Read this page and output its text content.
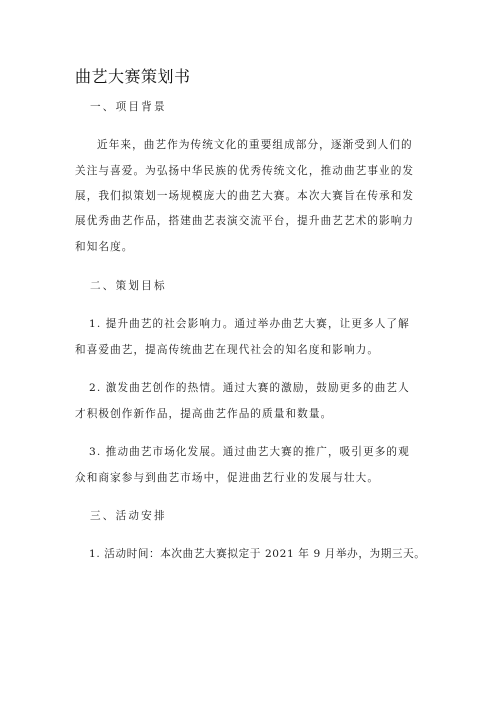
曲艺大赛策划书
一、项目背景
近年来，曲艺作为传统文化的重要组成部分，逐渐受到人们的
关注与喜爱。为弘扬中华民族的优秀传统文化，推动曲艺事业的发
展，我们拟策划一场规模庞大的曲艺大赛。本次大赛旨在传承和发
展优秀曲艺作品，搭建曲艺表演交流平台，提升曲艺艺术的影响力
和知名度。
二、策划目标
1. 提升曲艺的社会影响力。通过举办曲艺大赛，让更多人了解
和喜爱曲艺，提高传统曲艺在现代社会的知名度和影响力。
2. 激发曲艺创作的热情。通过大赛的激励，鼓励更多的曲艺人
才积极创作新作品，提高曲艺作品的质量和数量。
3. 推动曲艺市场化发展。通过曲艺大赛的推广，吸引更多的观
众和商家参与到曲艺市场中，促进曲艺行业的发展与壮大。
三、活动安排
1. 活动时间：本次曲艺大赛拟定于 2021 年 9 月举办，为期三天。
